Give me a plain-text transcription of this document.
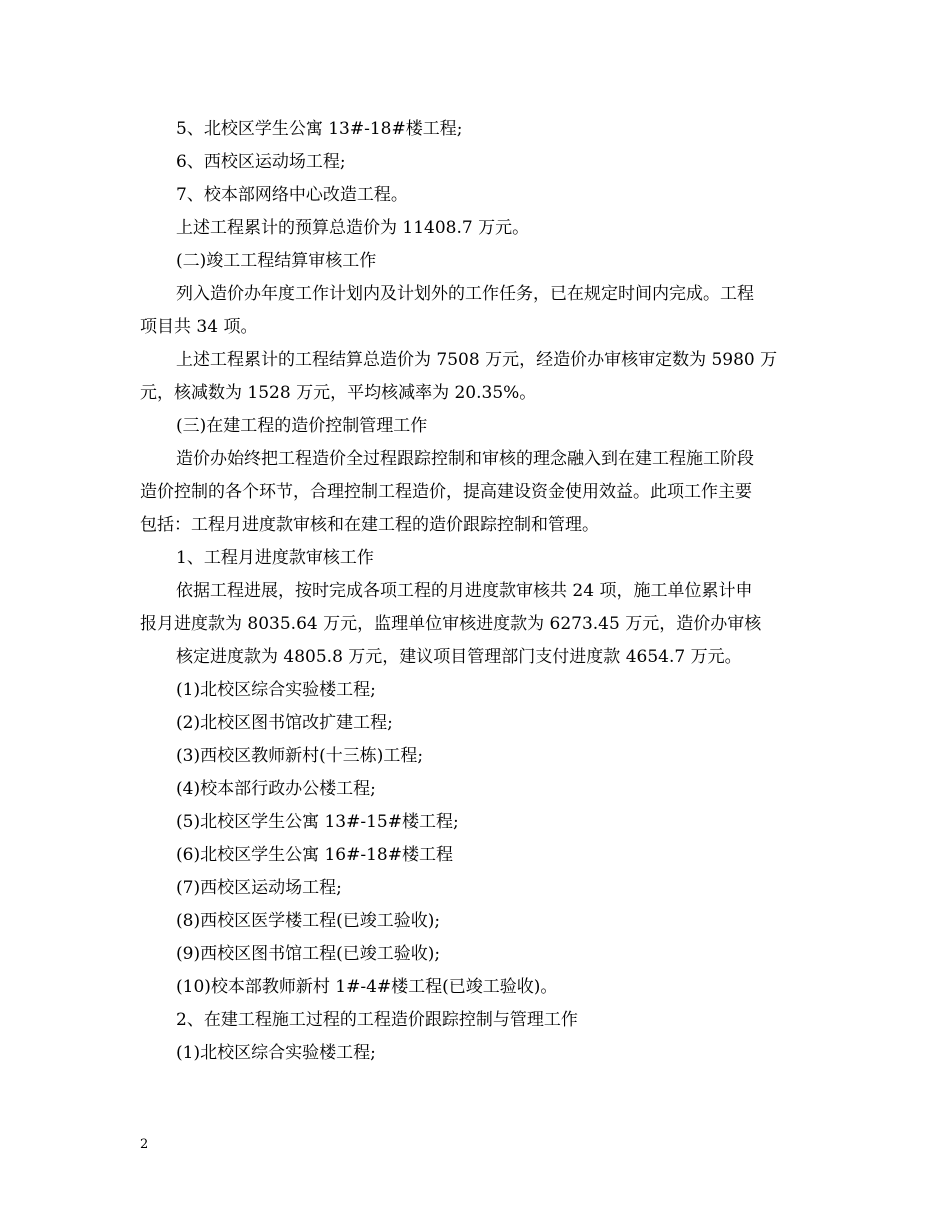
5、北校区学生公寓 13#-18#楼工程;
6、西校区运动场工程;
7、校本部网络中心改造工程。
上述工程累计的预算总造价为 11408.7 万元。
(二)竣工工程结算审核工作
列入造价办年度工作计划内及计划外的工作任务，已在规定时间内完成。工程
项目共 34 项。
上述工程累计的工程结算总造价为 7508 万元，经造价办审核审定数为 5980 万
元，核减数为 1528 万元，平均核减率为 20.35%。
(三)在建工程的造价控制管理工作
造价办始终把工程造价全过程跟踪控制和审核的理念融入到在建工程施工阶段
造价控制的各个环节，合理控制工程造价，提高建设资金使用效益。此项工作主要
包括：工程月进度款审核和在建工程的造价跟踪控制和管理。
1、工程月进度款审核工作
依据工程进展，按时完成各项工程的月进度款审核共 24 项，施工单位累计申
报月进度款为 8035.64 万元，监理单位审核进度款为 6273.45 万元，造价办审核
核定进度款为 4805.8 万元，建议项目管理部门支付进度款 4654.7 万元。
(1)北校区综合实验楼工程;
(2)北校区图书馆改扩建工程;
(3)西校区教师新村(十三栋)工程;
(4)校本部行政办公楼工程;
(5)北校区学生公寓 13#-15#楼工程;
(6)北校区学生公寓 16#-18#楼工程
(7)西校区运动场工程;
(8)西校区医学楼工程(已竣工验收);
(9)西校区图书馆工程(已竣工验收);
(10)校本部教师新村 1#-4#楼工程(已竣工验收)。
2、在建工程施工过程的工程造价跟踪控制与管理工作
(1)北校区综合实验楼工程;
2
